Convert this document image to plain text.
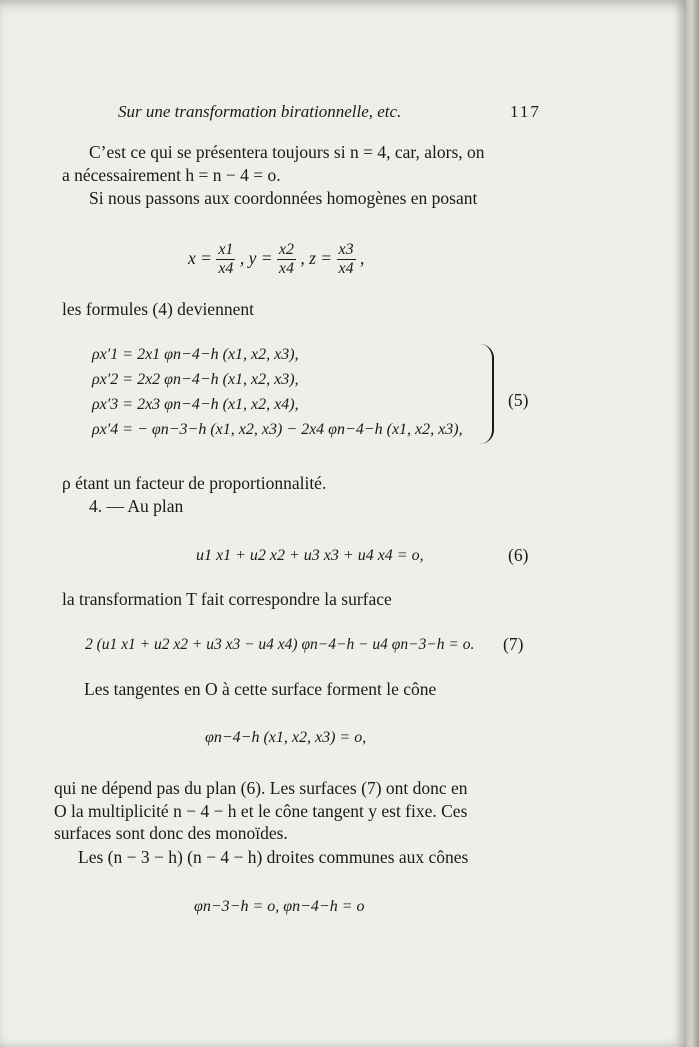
Sur une transformation birationnelle, etc.	117
C’est ce qui se présentera toujours si n = 4, car, alors, on
a nécessairement h = n − 4 = o.
Si nous passons aux coordonnées homogènes en posant
$x = \frac{x1}{x4}$ , $y = \frac{x2}{x4}$ , $z = \frac{x3}{x4}$ ,
les formules (4) deviennent
ρx′1 = 2x1 φn−4−h (x1, x2, x3),
ρx′2 = 2x2 φn−4−h (x1, x2, x3),
ρx′3 = 2x3 φn−4−h (x1, x2, x4),
ρx′4 = − φn−3−h (x1, x2, x3) − 2x4 φn−4−h (x1, x2, x3),
(5)
ρ étant un facteur de proportionnalité.
4. — Au plan
u1 x1 + u2 x2 + u3 x3 + u4 x4 = o,	(6)
la transformation T fait correspondre la surface
2 (u1 x1 + u2 x2 + u3 x3 − u4 x4) φn−4−h − u4 φn−3−h = o. (7)
Les tangentes en O à cette surface forment le cône
φn−4−h (x1, x2, x3) = o,
qui ne dépend pas du plan (6). Les surfaces (7) ont donc en
O la multiplicité n − 4 − h et le cône tangent y est fixe. Ces
surfaces sont donc des monoïdes.
Les (n − 3 − h) (n − 4 − h) droites communes aux cônes
φn−3−h = o, φn−4−h = o
